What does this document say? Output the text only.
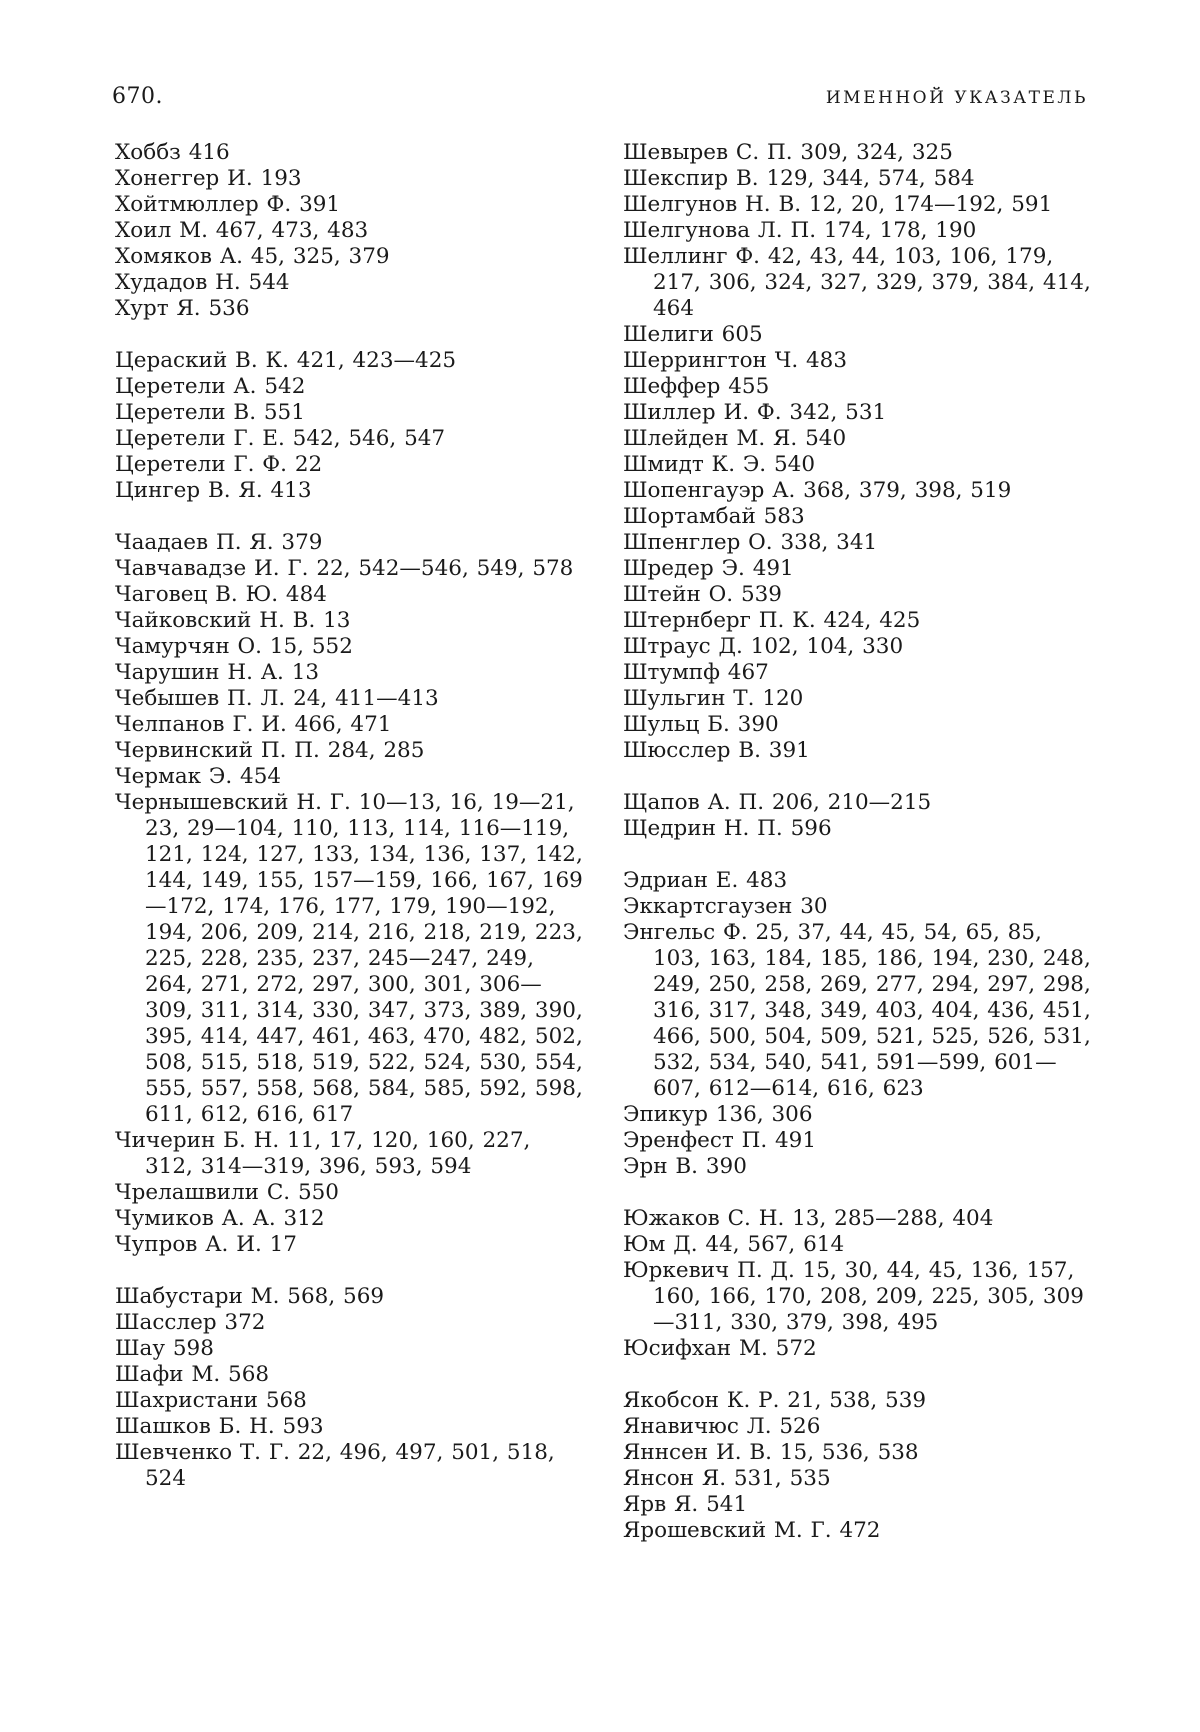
670.	ИМЕННОЙ УКАЗАТЕЛЬ
Хоббз 416
Хонеггер И. 193
Хойтмюллер Ф. 391
Хоил М. 467, 473, 483
Хомяков А. 45, 325, 379
Худадов Н. 544
Хурт Я. 536
Цераский В. К. 421, 423—425
Церетели А. 542
Церетели В. 551
Церетели Г. Е. 542, 546, 547
Церетели Г. Ф. 22
Цингер В. Я. 413
Чаадаев П. Я. 379
Чавчавадзе И. Г. 22, 542—546, 549, 578
Чаговец В. Ю. 484
Чайковский Н. В. 13
Чамурчян О. 15, 552
Чарушин Н. А. 13
Чебышев П. Л. 24, 411—413
Челпанов Г. И. 466, 471
Червинский П. П. 284, 285
Чермак Э. 454
Чернышевский Н. Г. 10—13, 16, 19—21, 23, 29—104, 110, 113, 114, 116—119, 121, 124, 127, 133, 134, 136, 137, 142, 144, 149, 155, 157—159, 166, 167, 169—172, 174, 176, 177, 179, 190—192, 194, 206, 209, 214, 216, 218, 219, 223, 225, 228, 235, 237, 245—247, 249, 264, 271, 272, 297, 300, 301, 306—309, 311, 314, 330, 347, 373, 389, 390, 395, 414, 447, 461, 463, 470, 482, 502, 508, 515, 518, 519, 522, 524, 530, 554, 555, 557, 558, 568, 584, 585, 592, 598, 611, 612, 616, 617
Чичерин Б. Н. 11, 17, 120, 160, 227, 312, 314—319, 396, 593, 594
Чрелашвили С. 550
Чумиков А. А. 312
Чупров А. И. 17
Шабустари М. 568, 569
Шасслер 372
Шау 598
Шафи М. 568
Шахристани 568
Шашков Б. Н. 593
Шевченко Т. Г. 22, 496, 497, 501, 518, 524
Шевырев С. П. 309, 324, 325
Шекспир В. 129, 344, 574, 584
Шелгунов Н. В. 12, 20, 174—192, 591
Шелгунова Л. П. 174, 178, 190
Шеллинг Ф. 42, 43, 44, 103, 106, 179, 217, 306, 324, 327, 329, 379, 384, 414, 464
Шелиги 605
Шеррингтон Ч. 483
Шеффер 455
Шиллер И. Ф. 342, 531
Шлейден М. Я. 540
Шмидт К. Э. 540
Шопенгауэр А. 368, 379, 398, 519
Шортамбай 583
Шпенглер О. 338, 341
Шредер Э. 491
Штейн О. 539
Штернберг П. К. 424, 425
Штраус Д. 102, 104, 330
Штумпф 467
Шульгин Т. 120
Шульц Б. 390
Шюсслер В. 391
Щапов А. П. 206, 210—215
Щедрин Н. П. 596
Эдриан Е. 483
Эккартсгаузен 30
Энгельс Ф. 25, 37, 44, 45, 54, 65, 85, 103, 163, 184, 185, 186, 194, 230, 248, 249, 250, 258, 269, 277, 294, 297, 298, 316, 317, 348, 349, 403, 404, 436, 451, 466, 500, 504, 509, 521, 525, 526, 531, 532, 534, 540, 541, 591—599, 601—607, 612—614, 616, 623
Эпикур 136, 306
Эренфест П. 491
Эрн В. 390
Южаков С. Н. 13, 285—288, 404
Юм Д. 44, 567, 614
Юркевич П. Д. 15, 30, 44, 45, 136, 157, 160, 166, 170, 208, 209, 225, 305, 309—311, 330, 379, 398, 495
Юсифхан М. 572
Якобсон К. Р. 21, 538, 539
Янавичюс Л. 526
Яннсен И. В. 15, 536, 538
Янсон Я. 531, 535
Ярв Я. 541
Ярошевский М. Г. 472
